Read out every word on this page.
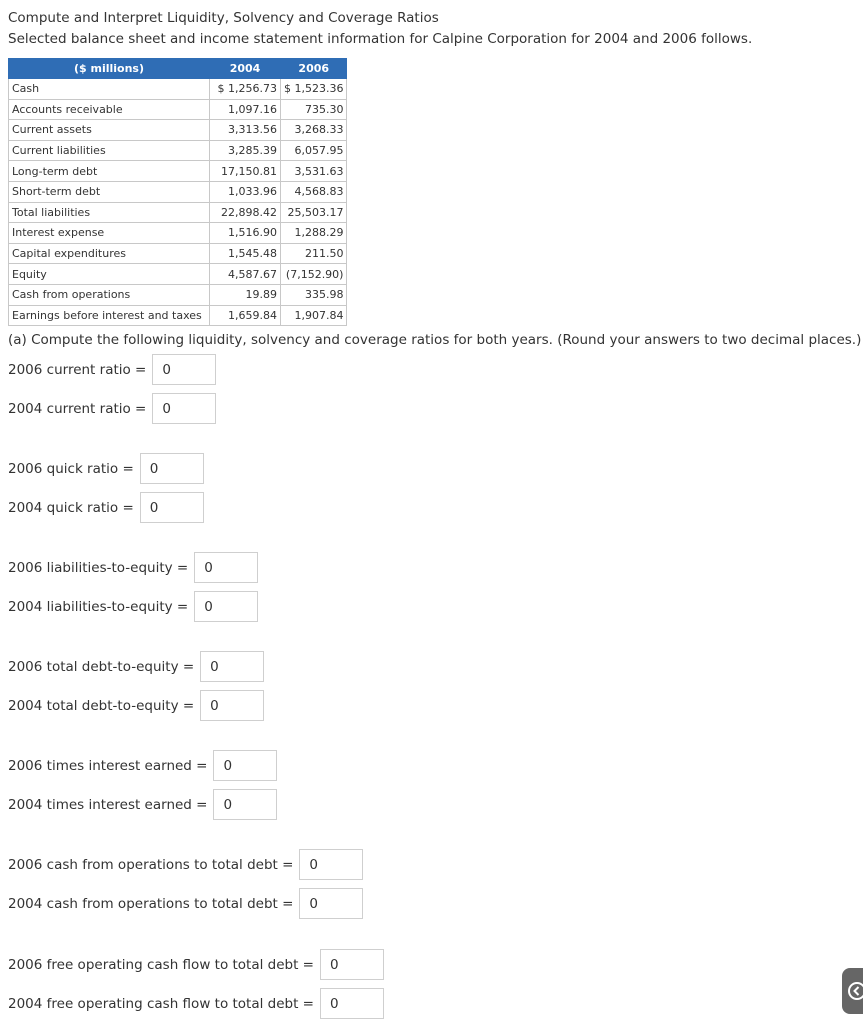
Compute and Interpret Liquidity, Solvency and Coverage Ratios
Selected balance sheet and income statement information for Calpine Corporation for 2004 and 2006 follows.
($ millions)	2004	2006
Cash	$ 1,256.73	$ 1,523.36
Accounts receivable	1,097.16	735.30
Current assets	3,313.56	3,268.33
Current liabilities	3,285.39	6,057.95
Long-term debt	17,150.81	3,531.63
Short-term debt	1,033.96	4,568.83
Total liabilities	22,898.42	25,503.17
Interest expense	1,516.90	1,288.29
Capital expenditures	1,545.48	211.50
Equity	4,587.67	(7,152.90)
Cash from operations	19.89	335.98
Earnings before interest and taxes	1,659.84	1,907.84
(a) Compute the following liquidity, solvency and coverage ratios for both years. (Round your answers to two decimal places.)
2006 current ratio =	0
2004 current ratio =	0
2006 quick ratio =	0
2004 quick ratio =	0
2006 liabilities-to-equity =	0
2004 liabilities-to-equity =	0
2006 total debt-to-equity =	0
2004 total debt-to-equity =	0
2006 times interest earned =	0
2004 times interest earned =	0
2006 cash from operations to total debt =	0
2004 cash from operations to total debt =	0
2006 free operating cash flow to total debt =	0
2004 free operating cash flow to total debt =	0
